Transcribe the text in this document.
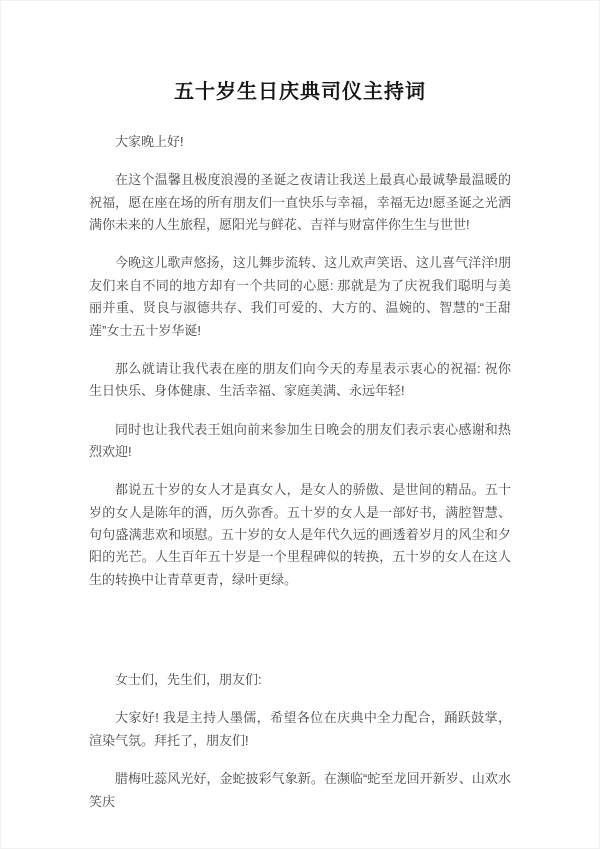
五十岁生日庆典司仪主持词

大家晚上好!

在这个温馨且极度浪漫的圣诞之夜请让我送上最真心最诚挚最温暖的祝福，愿在座在场的所有朋友们一直快乐与幸福，幸福无边!愿圣诞之光洒满你未来的人生旅程，愿阳光与鲜花、吉祥与财富伴你生生与世世!

今晚这儿歌声悠扬，这儿舞步流转、这儿欢声笑语、这儿喜气洋洋!朋友们来自不同的地方却有一个共同的心愿: 那就是为了庆祝我们聪明与美丽并重、贤良与淑德共存、我们可爱的、大方的、温婉的、智慧的“王甜莲”女士五十岁华诞!

那么就请让我代表在座的朋友们向今天的寿星表示衷心的祝福: 祝你生日快乐、身体健康、生活幸福、家庭美满、永远年轻!

同时也让我代表王姐向前来参加生日晚会的朋友们表示衷心感谢和热烈欢迎!

都说五十岁的女人才是真女人，是女人的骄傲、是世间的精品。五十岁的女人是陈年的酒，历久弥香。五十岁的女人是一部好书，满腔智慧、句句盛满悲欢和顷慰。五十岁的女人是年代久远的画透着岁月的风尘和夕阳的光芒。人生百年五十岁是一个里程碑似的转换，五十岁的女人在这人生的转换中让青草更青，绿叶更绿。

女士们，先生们，朋友们:

大家好! 我是主持人墨儒，希望各位在庆典中全力配合，踊跃鼓掌，渲染气氛。拜托了，朋友们!

腊梅吐蕊风光好，金蛇披彩气象新。在濒临“蛇至龙回开新岁、山欢水笑庆
